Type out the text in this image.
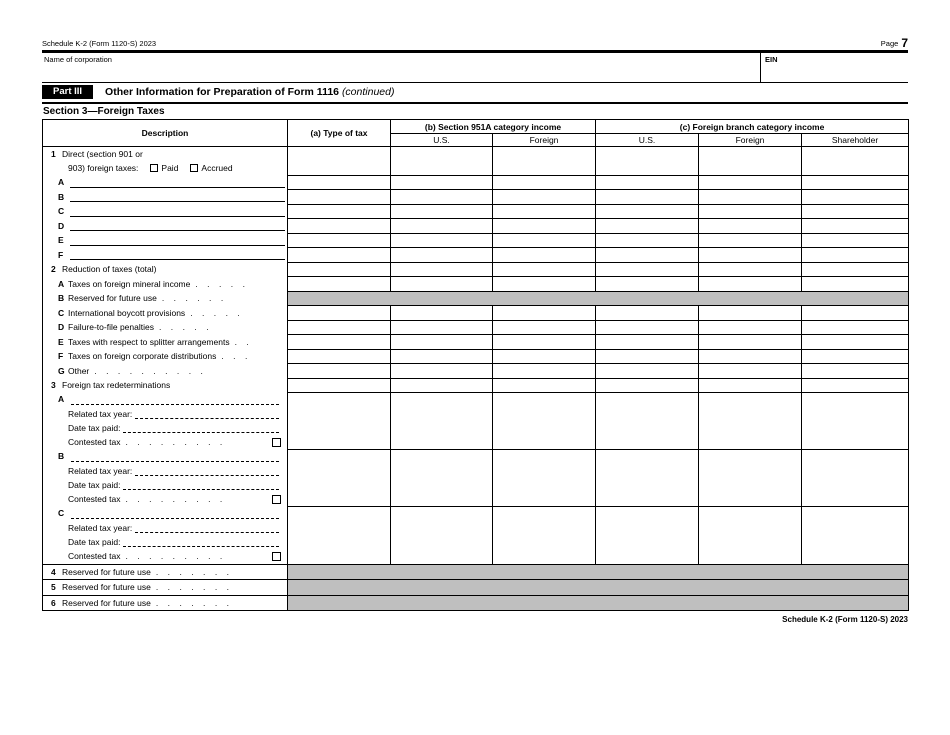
Schedule K-2 (Form 1120-S) 2023	Page 7
Name of corporation	EIN
Part III	Other Information for Preparation of Form 1116 (continued)
Section 3—Foreign Taxes
Description	(a) Type of tax	(b) Section 951A category income		(c) Foreign branch category income		
		U.S.	Foreign	U.S.	Foreign	Shareholder

1 Direct (section 901 or
903) foreign taxes: Paid Accrued						

A						

B						

C						

D						

E						

F						

2 Reduction of taxes (total)						

A Taxes on foreign mineral income .    .    .    .    .						

B Reserved for future use .    .    .    .    .    .						

C International boycott provisions .    .    .    .    .						

D Failure-to-file penalties .    .    .    .    .						

E Taxes with respect to splitter arrangements .    .						

F Taxes on foreign corporate distributions .    .    .						

G Other .    .    .    .    .    .    .    .    .    .						

3 Foreign tax redeterminations						

A
Related tax year:
Date tax paid:
Contested tax .    .    .    .    .    .    .    .    .						

B
Related tax year:
Date tax paid:
Contested tax .    .    .    .    .    .    .    .    .						

C
Related tax year:
Date tax paid:
Contested tax .    .    .    .    .    .    .    .    .						

4 Reserved for future use .    .    .    .    .    .    .						

5 Reserved for future use .    .    .    .    .    .    .						

6 Reserved for future use .    .    .    .    .    .    .						

Schedule K-2 (Form 1120-S) 2023
